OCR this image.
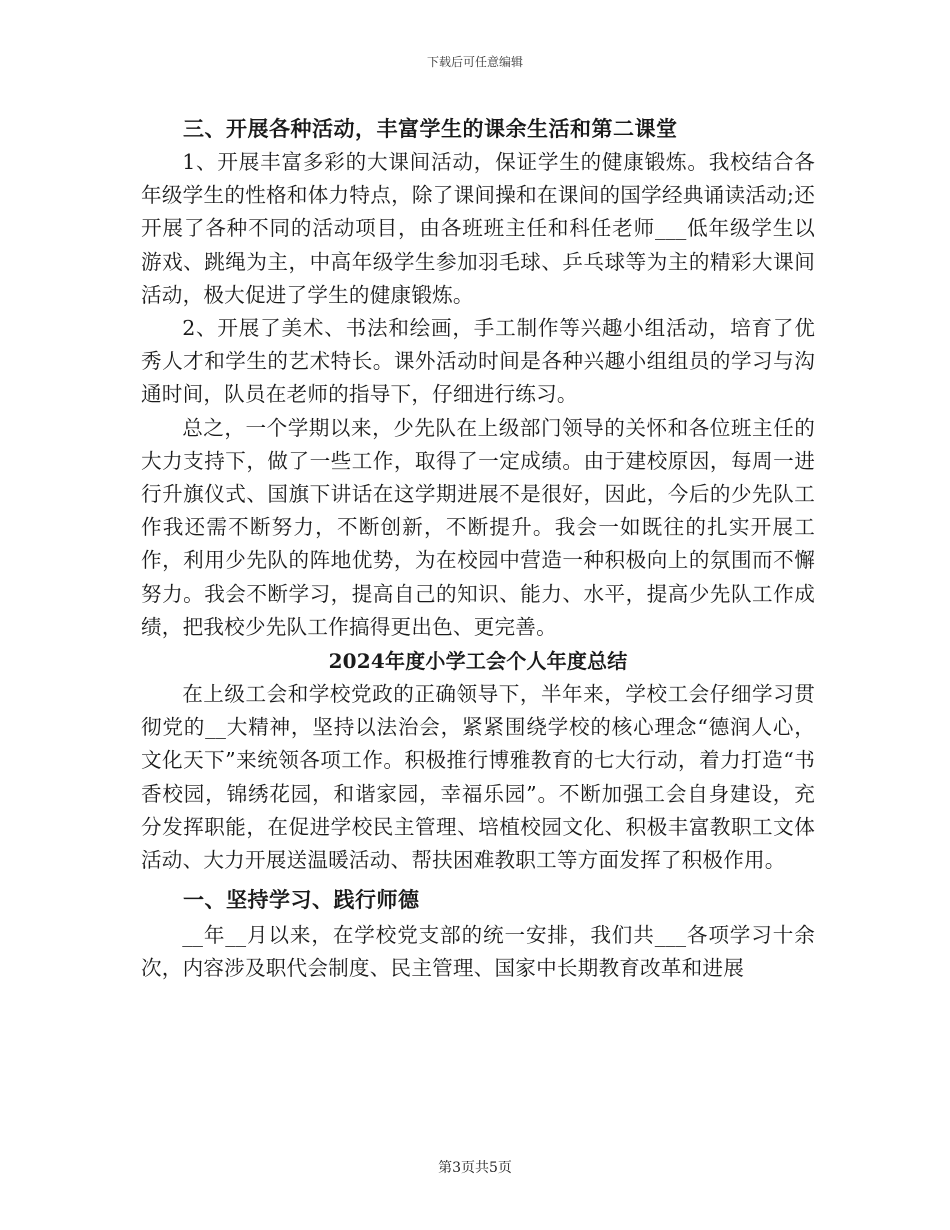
下载后可任意编辑

三、开展各种活动，丰富学生的课余生活和第二课堂

1、开展丰富多彩的大课间活动，保证学生的健康锻炼。我校结合各年级学生的性格和体力特点，除了课间操和在课间的国学经典诵读活动;还开展了各种不同的活动项目，由各班班主任和科任老师___低年级学生以游戏、跳绳为主，中高年级学生参加羽毛球、乒乓球等为主的精彩大课间活动，极大促进了学生的健康锻炼。

2、开展了美术、书法和绘画，手工制作等兴趣小组活动，培育了优秀人才和学生的艺术特长。课外活动时间是各种兴趣小组组员的学习与沟通时间，队员在老师的指导下，仔细进行练习。

总之，一个学期以来，少先队在上级部门领导的关怀和各位班主任的大力支持下，做了一些工作，取得了一定成绩。由于建校原因，每周一进行升旗仪式、国旗下讲话在这学期进展不是很好，因此，今后的少先队工作我还需不断努力，不断创新，不断提升。我会一如既往的扎实开展工作，利用少先队的阵地优势，为在校园中营造一种积极向上的氛围而不懈努力。我会不断学习，提高自己的知识、能力、水平，提高少先队工作成绩，把我校少先队工作搞得更出色、更完善。

2024年度小学工会个人年度总结

在上级工会和学校党政的正确领导下，半年来，学校工会仔细学习贯彻党的__大精神，坚持以法治会，紧紧围绕学校的核心理念“德润人心，文化天下”来统领各项工作。积极推行博雅教育的七大行动，着力打造“书香校园，锦绣花园，和谐家园，幸福乐园”。不断加强工会自身建设，充分发挥职能，在促进学校民主管理、培植校园文化、积极丰富教职工文体活动、大力开展送温暖活动、帮扶困难教职工等方面发挥了积极作用。

一、坚持学习、践行师德

__年__月以来，在学校党支部的统一安排，我们共___各项学习十余次，内容涉及职代会制度、民主管理、国家中长期教育改革和进展

第3页共5页
